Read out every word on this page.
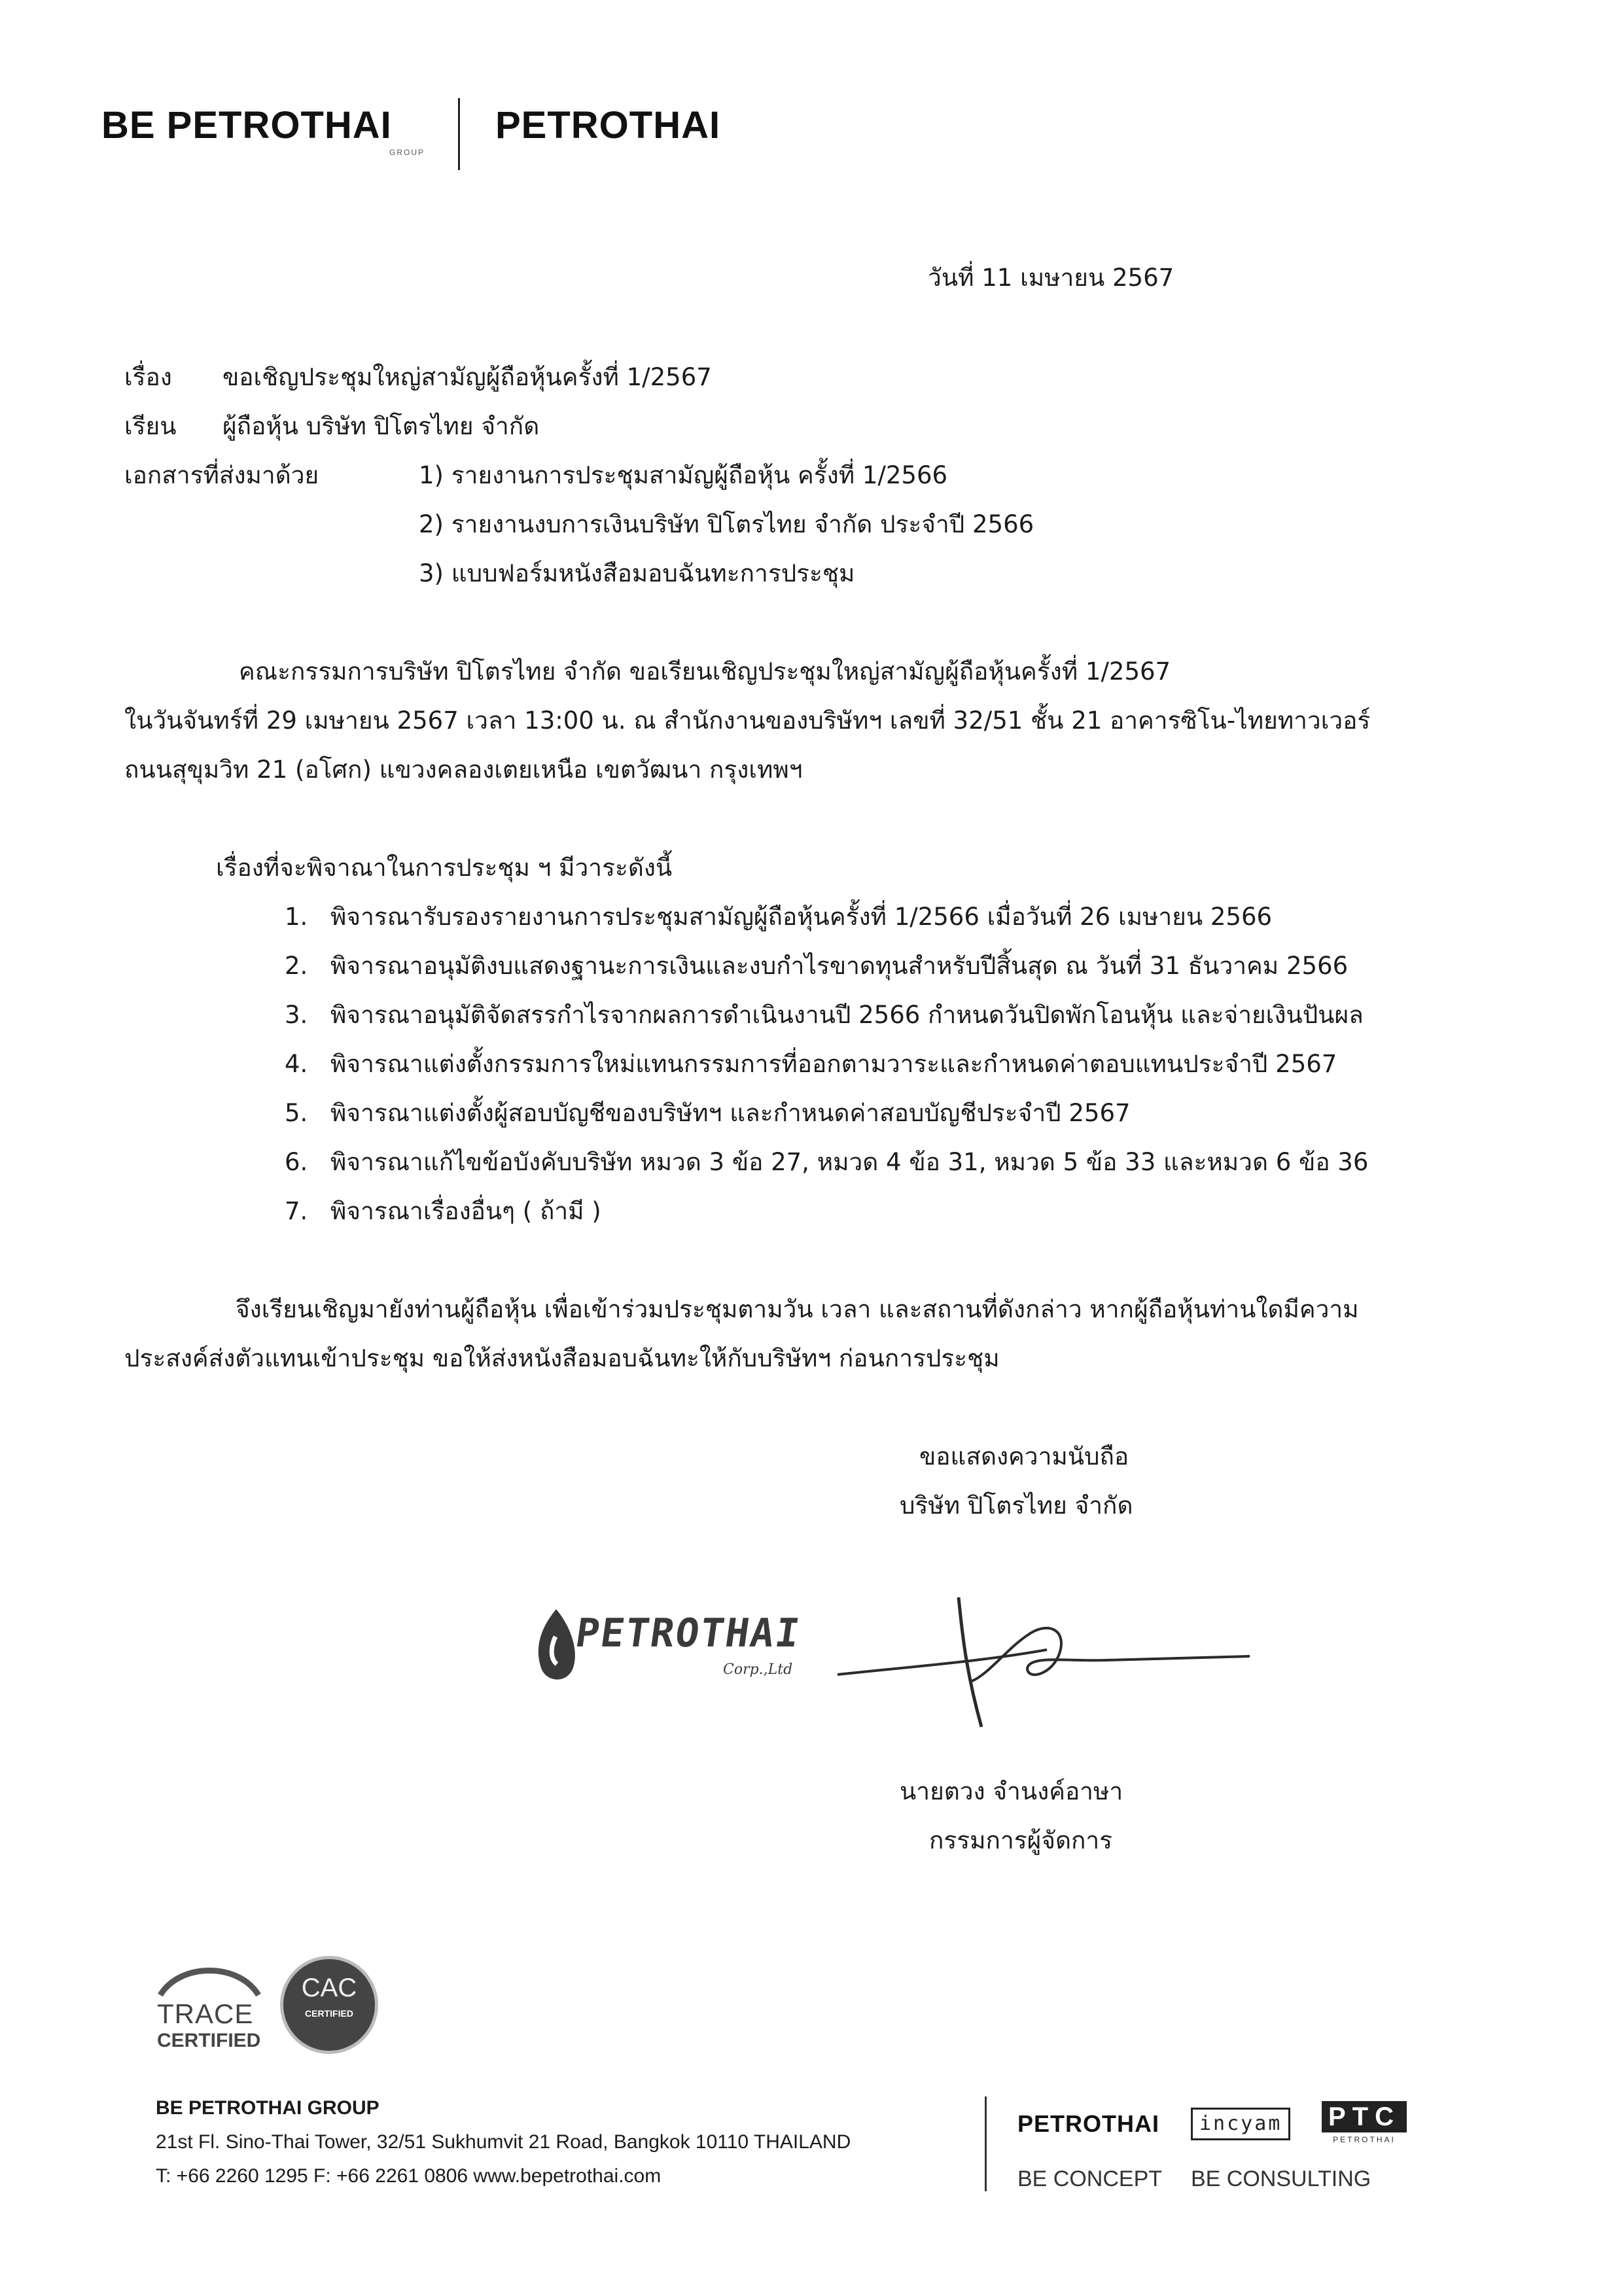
BE PETROTHAI
GROUP
PETROTHAI
วันที่ 11 เมษายน 2567
เรื่อง ขอเชิญประชุมใหญ่สามัญผู้ถือหุ้นครั้งที่ 1/2567
เรียน ผู้ถือหุ้น บริษัท ปิโตรไทย จำกัด
เอกสารที่ส่งมาด้วย	1) รายงานการประชุมสามัญผู้ถือหุ้น ครั้งที่ 1/2566
2) รายงานงบการเงินบริษัท ปิโตรไทย จำกัด ประจำปี 2566
3) แบบฟอร์มหนังสือมอบฉันทะการประชุม
คณะกรรมการบริษัท ปิโตรไทย จำกัด ขอเรียนเชิญประชุมใหญ่สามัญผู้ถือหุ้นครั้งที่ 1/2567
ในวันจันทร์ที่ 29 เมษายน 2567 เวลา 13:00 น. ณ สำนักงานของบริษัทฯ เลขที่ 32/51 ชั้น 21 อาคารซิโน-ไทยทาวเวอร์
ถนนสุขุมวิท 21 (อโศก) แขวงคลองเตยเหนือ เขตวัฒนา กรุงเทพฯ
เรื่องที่จะพิจาณาในการประชุม ฯ มีวาระดังนี้
1. พิจารณารับรองรายงานการประชุมสามัญผู้ถือหุ้นครั้งที่ 1/2566 เมื่อวันที่ 26 เมษายน 2566
2. พิจารณาอนุมัติงบแสดงฐานะการเงินและงบกำไรขาดทุนสำหรับปีสิ้นสุด ณ วันที่ 31 ธันวาคม 2566
3. พิจารณาอนุมัติจัดสรรกำไรจากผลการดำเนินงานปี 2566 กำหนดวันปิดพักโอนหุ้น และจ่ายเงินปันผล
4. พิจารณาแต่งตั้งกรรมการใหม่แทนกรรมการที่ออกตามวาระและกำหนดค่าตอบแทนประจำปี 2567
5. พิจารณาแต่งตั้งผู้สอบบัญชีของบริษัทฯ และกำหนดค่าสอบบัญชีประจำปี 2567
6. พิจารณาแก้ไขข้อบังคับบริษัท หมวด 3 ข้อ 27, หมวด 4 ข้อ 31, หมวด 5 ข้อ 33 และหมวด 6 ข้อ 36
7. พิจารณาเรื่องอื่นๆ ( ถ้ามี )
จึงเรียนเชิญมายังท่านผู้ถือหุ้น เพื่อเข้าร่วมประชุมตามวัน เวลา และสถานที่ดังกล่าว หากผู้ถือหุ้นท่านใดมีความ
ประสงค์ส่งตัวแทนเข้าประชุม ขอให้ส่งหนังสือมอบฉันทะให้กับบริษัทฯ ก่อนการประชุม
ขอแสดงความนับถือ
บริษัท ปิโตรไทย จำกัด
PETROTHAI
Corp.,Ltd
นายตวง จำนงค์อาษา
กรรมการผู้จัดการ
TRACE
CERTIFIED
CAC
CERTIFIED
BE PETROTHAI GROUP
21st Fl. Sino-Thai Tower, 32/51 Sukhumvit 21 Road, Bangkok 10110 THAILAND
T: +66 2260 1295 F: +66 2261 0806 www.bepetrothai.com
PETROTHAI	incyam	PTC
PETROTHAI
BE CONCEPT BE CONSULTING
